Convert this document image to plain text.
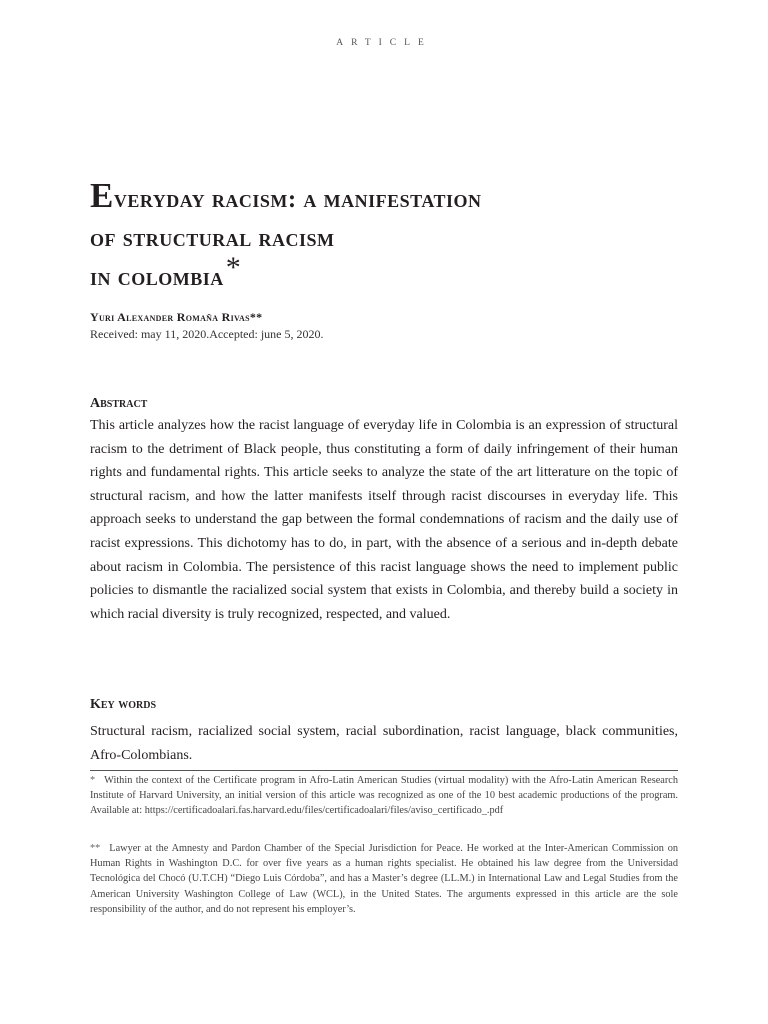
ARTICLE
Everyday racism: a manifestation
of structural racism
in colombia*
Yuri Alexander Romaña Rivas**
Received: may 11, 2020.Accepted: june 5, 2020.
Abstract

This article analyzes how the racist language of everyday life in Colombia is an expression of structural racism to the detriment of Black people, thus constituting a form of daily infringement of their human rights and fundamental rights. This article seeks to analyze the state of the art litterature on the topic of structural racism, and how the latter manifests itself through racist discourses in everyday life. This approach seeks to understand the gap between the formal condemnations of racism and the daily use of racist expressions. This dichotomy has to do, in part, with the absence of a serious and in-depth debate about racism in Colombia. The persistence of this racist language shows the need to implement public policies to dismantle the racialized social system that exists in Colombia, and thereby build a society in which racial diversity is truly recognized, respected, and valued.

Key words

Structural racism, racialized social system, racial subordination, racist language, black communities, Afro-Colombians.

* Within the context of the Certificate program in Afro-Latin American Studies (virtual modality) with the Afro-Latin American Research Institute of Harvard University, an initial version of this article was recognized as one of the 10 best academic productions of the program. Available at: https://certificadoalari.fas.harvard.edu/files/certificadoalari/files/aviso_certificado_.pdf
** Lawyer at the Amnesty and Pardon Chamber of the Special Jurisdiction for Peace. He worked at the Inter-American Commission on Human Rights in Washington D.C. for over five years as a human rights specialist. He obtained his law degree from the Universidad Tecnológica del Chocó (U.T.CH) “Diego Luis Córdoba”, and has a Master’s degree (LL.M.) in International Law and Legal Studies from the American University Washington College of Law (WCL), in the United States. The arguments expressed in this article are the sole responsibility of the author, and do not represent his employer’s.
